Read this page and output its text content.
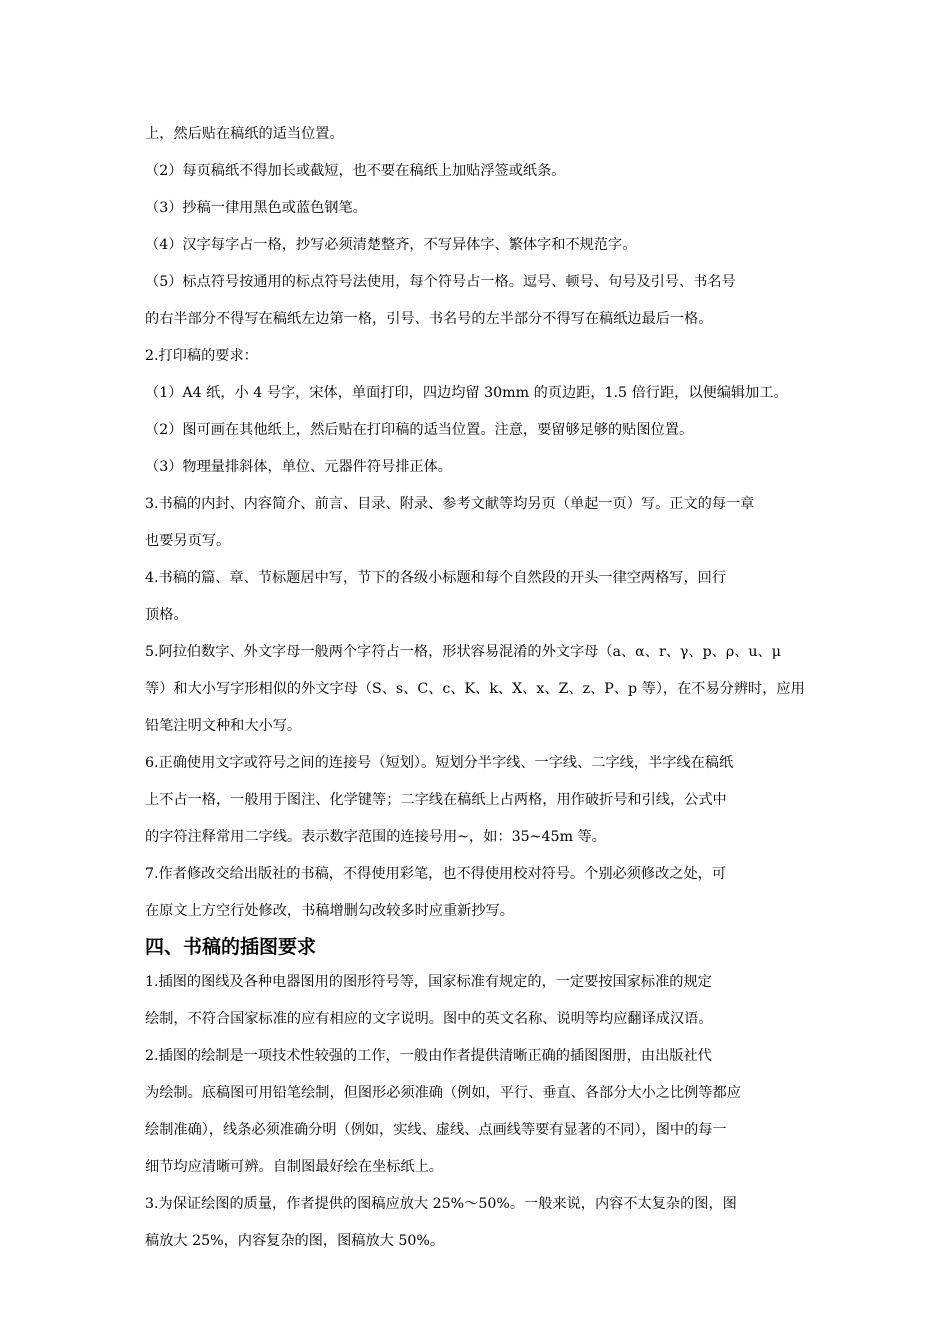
上，然后贴在稿纸的适当位置。

（2）每页稿纸不得加长或截短，也不要在稿纸上加贴浮签或纸条。

（3）抄稿一律用黑色或蓝色钢笔。

（4）汉字每字占一格，抄写必须清楚整齐，不写异体字、繁体字和不规范字。

（5）标点符号按通用的标点符号法使用，每个符号占一格。逗号、顿号、句号及引号、书名号

的右半部分不得写在稿纸左边第一格，引号、书名号的左半部分不得写在稿纸边最后一格。

2.打印稿的要求：

（1）A4 纸，小 4 号字，宋体，单面打印，四边均留 30mm 的页边距，1.5 倍行距，以便编辑加工。

（2）图可画在其他纸上，然后贴在打印稿的适当位置。注意，要留够足够的贴图位置。

（3）物理量排斜体，单位、元器件符号排正体。

3.书稿的内封、内容简介、前言、目录、附录、参考文献等均另页（单起一页）写。正文的每一章

也要另页写。

4.书稿的篇、章、节标题居中写，节下的各级小标题和每个自然段的开头一律空两格写，回行

顶格。

5.阿拉伯数字、外文字母一般两个字符占一格，形状容易混淆的外文字母（a、α、r、γ、p、ρ、u、μ

等）和大小写字形相似的外文字母（S、s、C、c、K、k、X、x、Z、z、P、p 等），在不易分辨时，应用

铅笔注明文种和大小写。

6.正确使用文字或符号之间的连接号（短划）。短划分半字线、一字线、二字线，半字线在稿纸

上不占一格，一般用于图注、化学键等；二字线在稿纸上占两格，用作破折号和引线，公式中

的字符注释常用二字线。表示数字范围的连接号用~，如：35~45m 等。

7.作者修改交给出版社的书稿，不得使用彩笔，也不得使用校对符号。个别必须修改之处，可

在原文上方空行处修改，书稿增删勾改较多时应重新抄写。

四、书稿的插图要求

1.插图的图线及各种电器图用的图形符号等，国家标准有规定的，一定要按国家标准的规定

绘制，不符合国家标准的应有相应的文字说明。图中的英文名称、说明等均应翻译成汉语。

2.插图的绘制是一项技术性较强的工作，一般由作者提供清晰正确的插图图册，由出版社代

为绘制。底稿图可用铅笔绘制，但图形必须准确（例如，平行、垂直、各部分大小之比例等都应

绘制准确），线条必须准确分明（例如，实线、虚线、点画线等要有显著的不同），图中的每一

细节均应清晰可辨。自制图最好绘在坐标纸上。

3.为保证绘图的质量，作者提供的图稿应放大 25%～50%。一般来说，内容不太复杂的图，图

稿放大 25%，内容复杂的图，图稿放大 50%。
